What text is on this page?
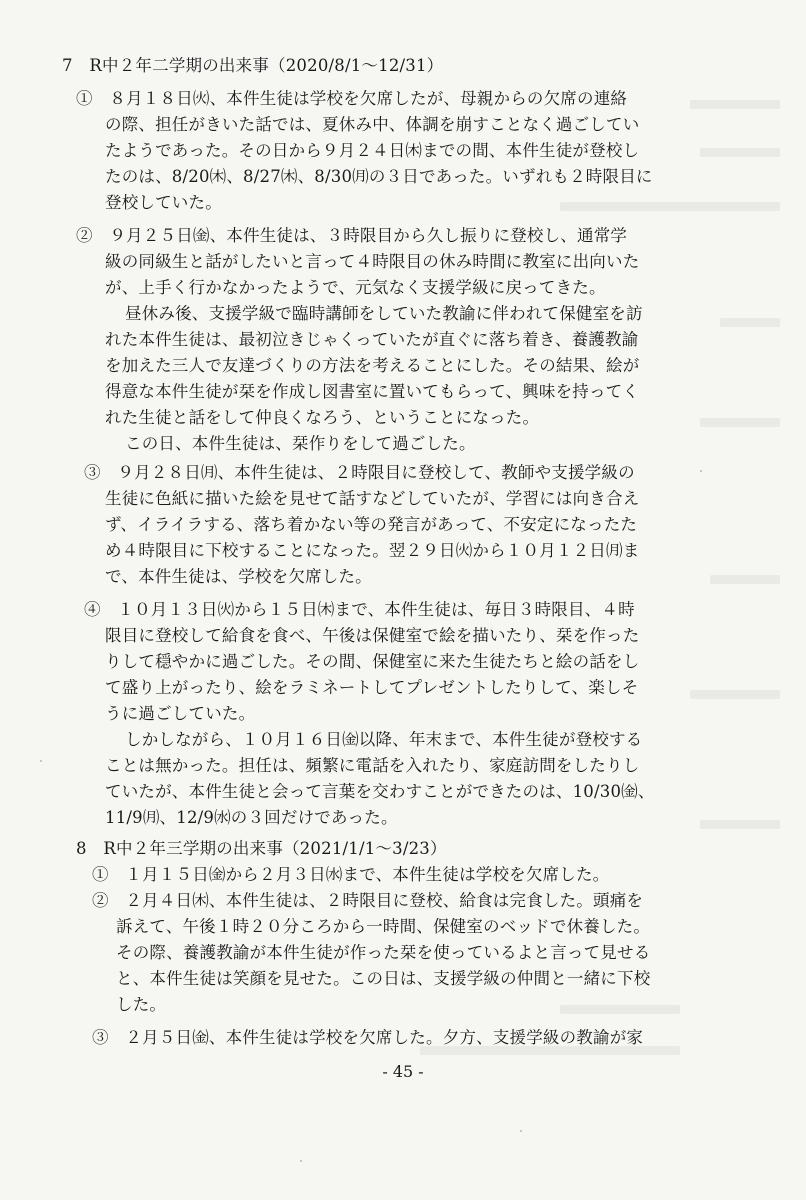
7　R中２年二学期の出来事（2020/8/1～12/31）
①　８月１８日㈫、本件生徒は学校を欠席したが、母親からの欠席の連絡
の際、担任がきいた話では、夏休み中、体調を崩すことなく過ごしてい
たようであった。その日から９月２４日㈭までの間、本件生徒が登校し
たのは、8/20㈭、8/27㈭、8/30㈪の３日であった。いずれも２時限目に
登校していた。
②　９月２５日㈮、本件生徒は、３時限目から久し振りに登校し、通常学
級の同級生と話がしたいと言って４時限目の休み時間に教室に出向いた
が、上手く行かなかったようで、元気なく支援学級に戻ってきた。
昼休み後、支援学級で臨時講師をしていた教諭に伴われて保健室を訪
れた本件生徒は、最初泣きじゃくっていたが直ぐに落ち着き、養護教諭
を加えた三人で友達づくりの方法を考えることにした。その結果、絵が
得意な本件生徒が栞を作成し図書室に置いてもらって、興味を持ってく
れた生徒と話をして仲良くなろう、ということになった。
この日、本件生徒は、栞作りをして過ごした。
③　９月２８日㈪、本件生徒は、２時限目に登校して、教師や支援学級の
生徒に色紙に描いた絵を見せて話すなどしていたが、学習には向き合え
ず、イライラする、落ち着かない等の発言があって、不安定になったた
め４時限目に下校することになった。翌２９日㈫から１０月１２日㈪ま
で、本件生徒は、学校を欠席した。
④　１０月１３日㈫から１５日㈭まで、本件生徒は、毎日３時限目、４時
限目に登校して給食を食べ、午後は保健室で絵を描いたり、栞を作った
りして穏やかに過ごした。その間、保健室に来た生徒たちと絵の話をし
て盛り上がったり、絵をラミネートしてプレゼントしたりして、楽しそ
うに過ごしていた。
しかしながら、１０月１６日㈮以降、年末まで、本件生徒が登校する
ことは無かった。担任は、頻繁に電話を入れたり、家庭訪問をしたりし
ていたが、本件生徒と会って言葉を交わすことができたのは、10/30㈮、
11/9㈪、12/9㈬の３回だけであった。
8　R中２年三学期の出来事（2021/1/1～3/23）
①　１月１５日㈮から２月３日㈬まで、本件生徒は学校を欠席した。
②　２月４日㈭、本件生徒は、２時限目に登校、給食は完食した。頭痛を
訴えて、午後１時２０分ころから一時間、保健室のベッドで休養した。
その際、養護教諭が本件生徒が作った栞を使っているよと言って見せる
と、本件生徒は笑顔を見せた。この日は、支援学級の仲間と一緒に下校
した。
③　２月５日㈮、本件生徒は学校を欠席した。夕方、支援学級の教諭が家
- 45 -
